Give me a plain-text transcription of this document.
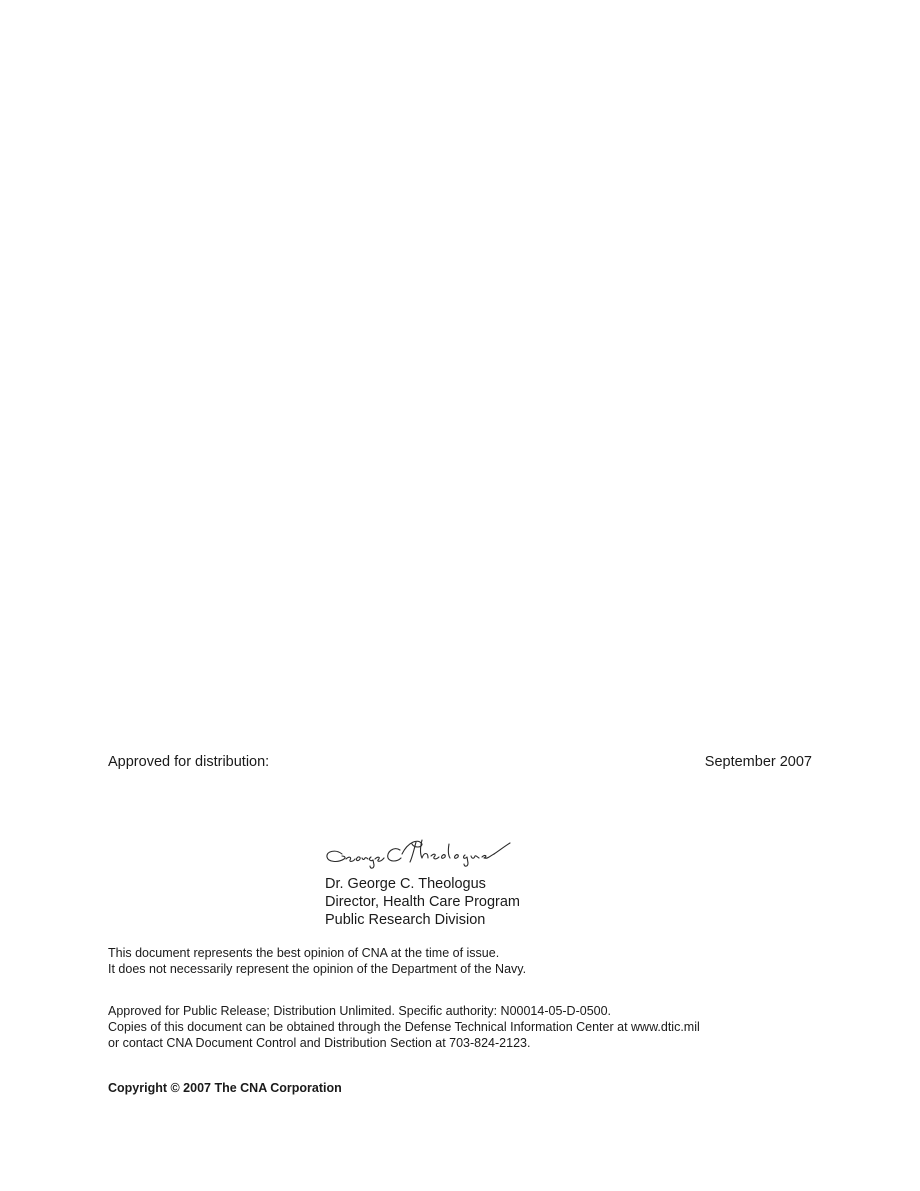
Approved for distribution:	September 2007
Dr. George C. Theologus
Director, Health Care Program
Public Research Division
This document represents the best opinion of CNA at the time of issue.
It does not necessarily represent the opinion of the Department of the Navy.
Approved for Public Release; Distribution Unlimited. Specific authority: N00014-05-D-0500.
Copies of this document can be obtained through the Defense Technical Information Center at www.dtic.mil
or contact CNA Document Control and Distribution Section at 703-824-2123.
Copyright © 2007 The CNA Corporation
